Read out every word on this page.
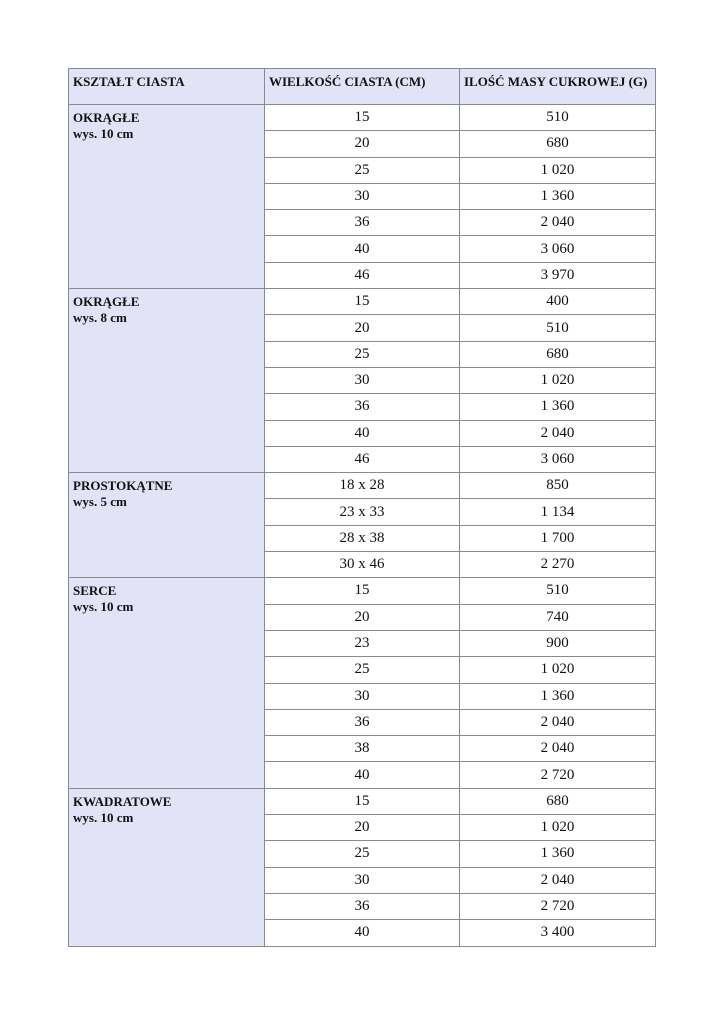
KSZTAŁT CIASTA	WIELKOŚĆ CIASTA (CM)	ILOŚĆ MASY CUKROWEJ (G)

OKRĄGŁE
wys. 10 cm	15	510
	20	680
	25	1 020
	30	1 360
	36	2 040
	40	3 060
	46	3 970

OKRĄGŁE
wys. 8 cm	15	400
	20	510
	25	680
	30	1 020
	36	1 360
	40	2 040
	46	3 060

PROSTOKĄTNE
wys. 5 cm	18 x 28	850
	23 x 33	1 134
	28 x 38	1 700
	30 x 46	2 270

SERCE
wys. 10 cm	15	510
	20	740
	23	900
	25	1 020
	30	1 360
	36	2 040
	38	2 040
	40	2 720

KWADRATOWE
wys. 10 cm	15	680
	20	1 020
	25	1 360
	30	2 040
	36	2 720
	40	3 400
